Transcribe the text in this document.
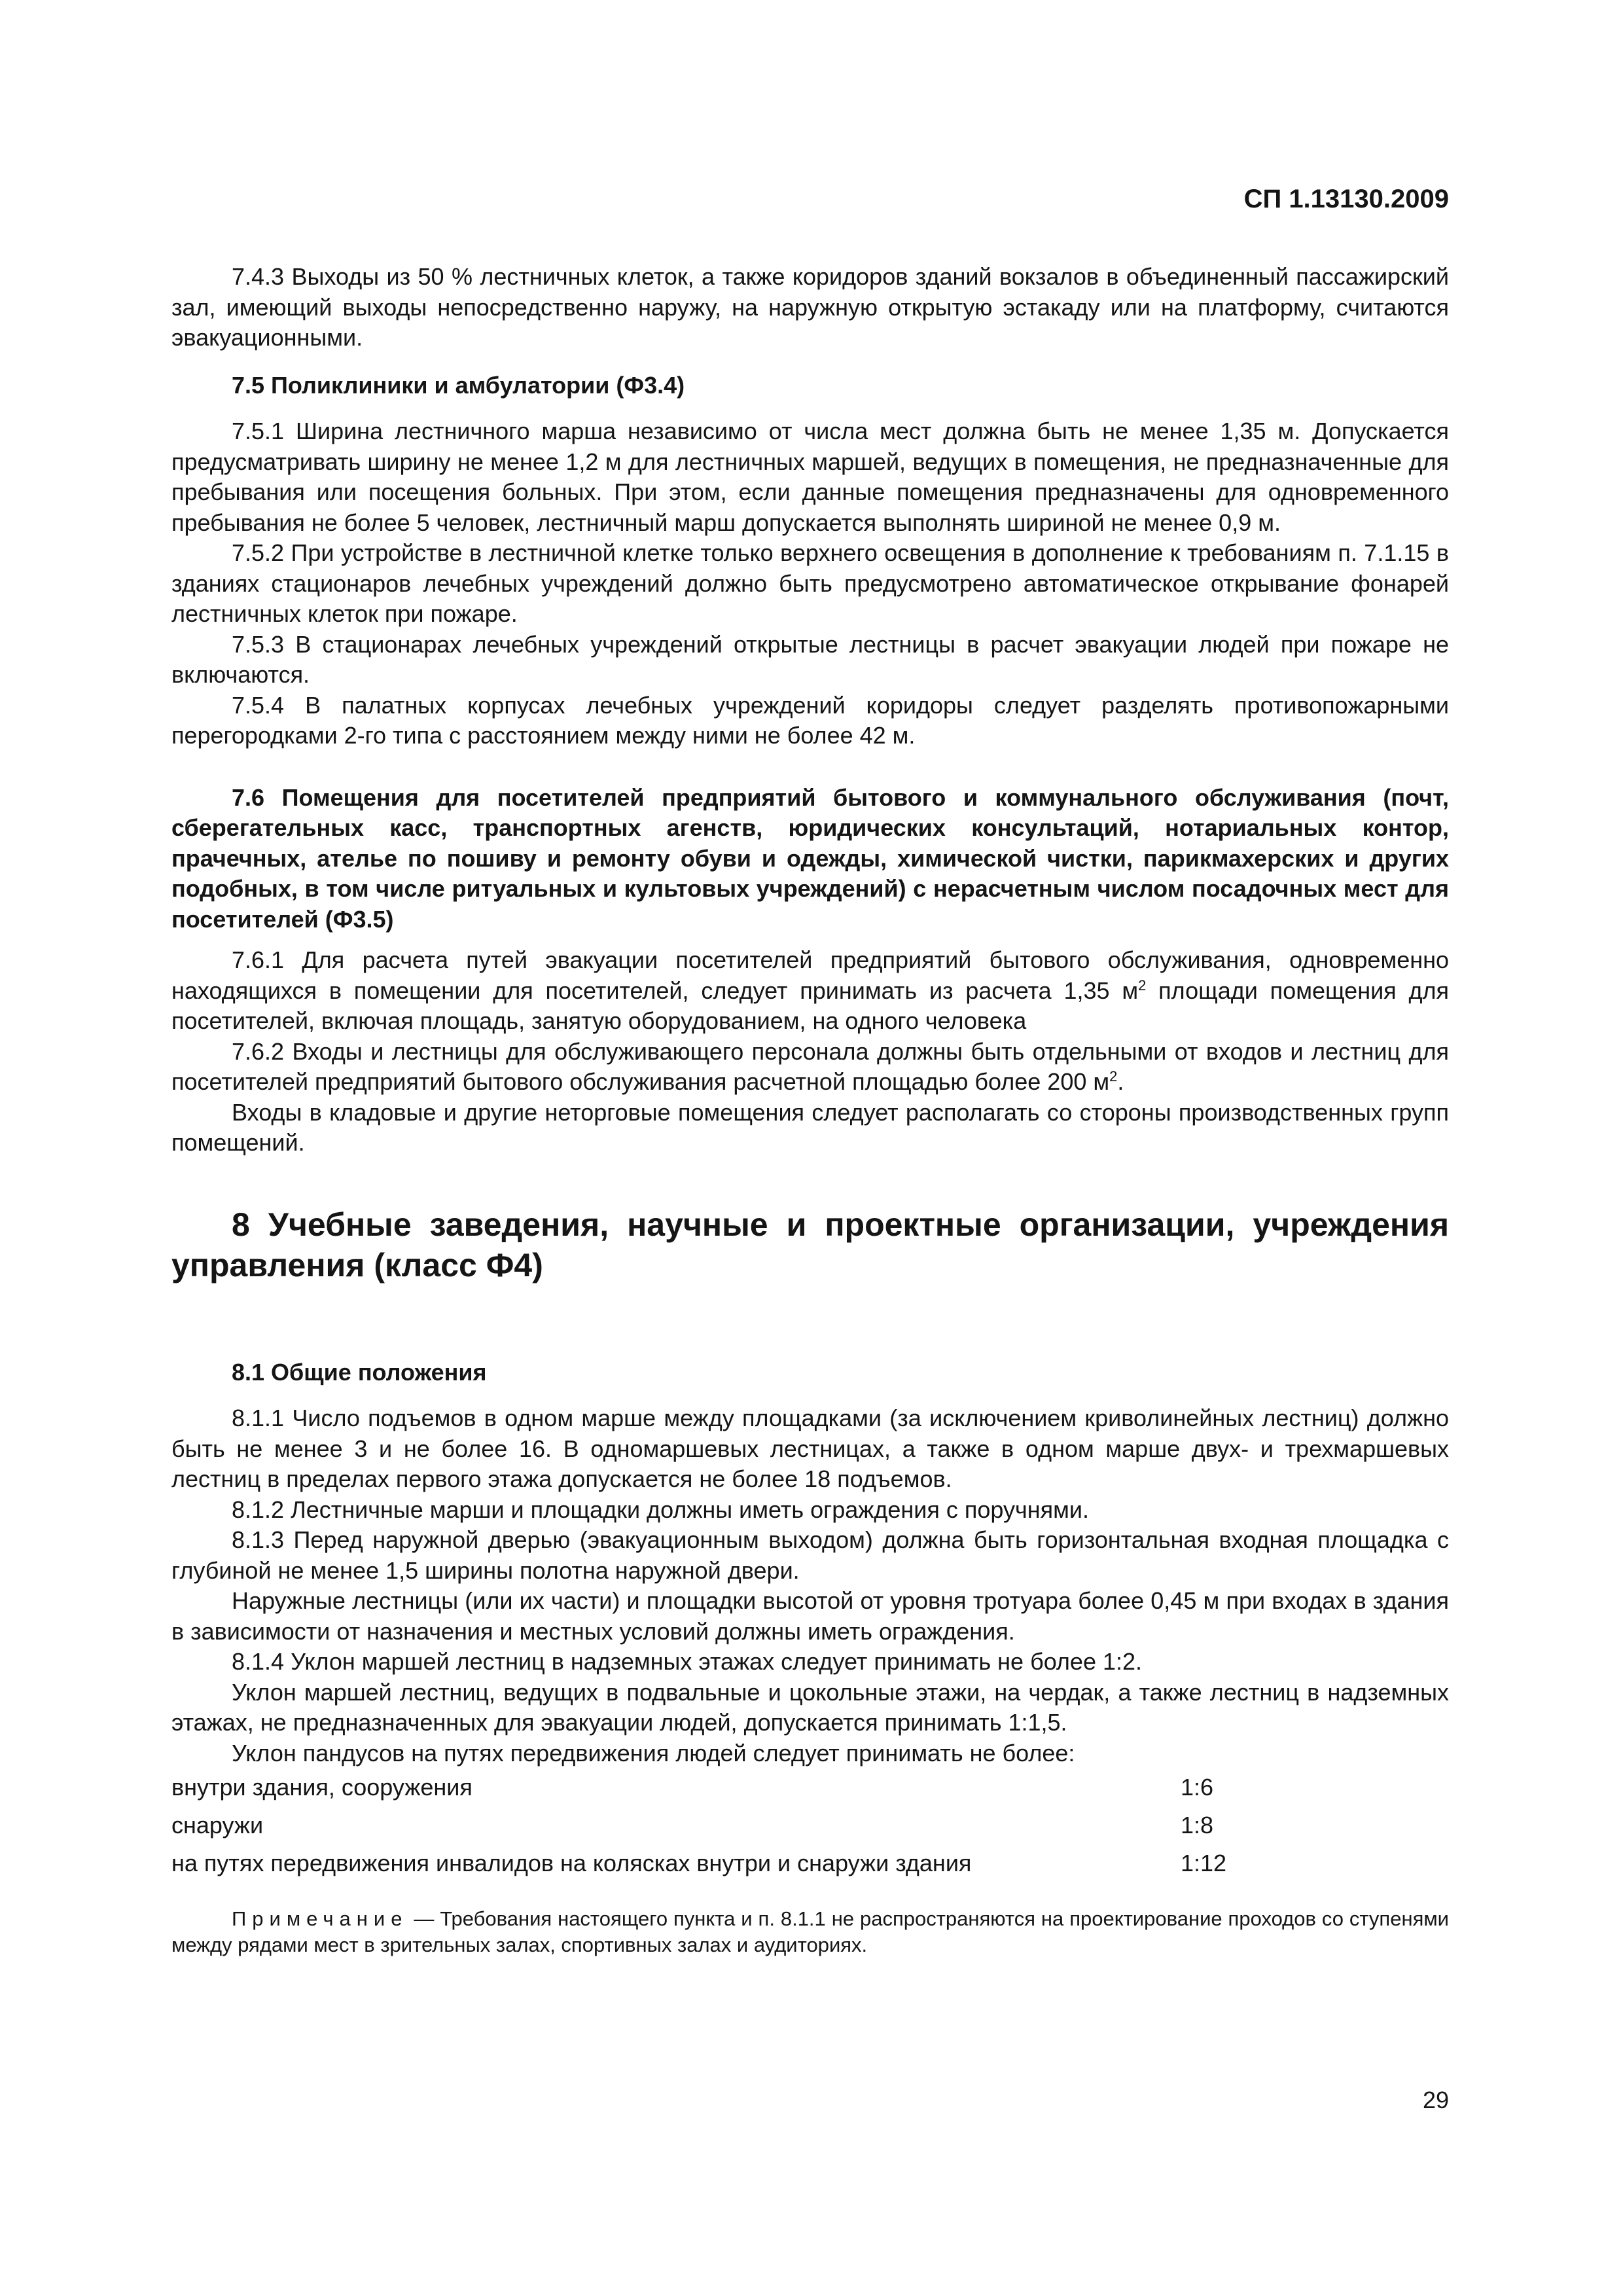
СП 1.13130.2009

7.4.3 Выходы из 50 % лестничных клеток, а также коридоров зданий вокзалов в объединенный пассажирский зал, имеющий выходы непосредственно наружу, на наружную открытую эстакаду или на платформу, считаются эвакуационными.

7.5 Поликлиники и амбулатории (Ф3.4)

7.5.1 Ширина лестничного марша независимо от числа мест должна быть не менее 1,35 м. Допускается предусматривать ширину не менее 1,2 м для лестничных маршей, ведущих в помещения, не предназначенные для пребывания или посещения больных. При этом, если данные помещения предназначены для одновременного пребывания не более 5 человек, лестничный марш допускается выполнять шириной не менее 0,9 м.

7.5.2 При устройстве в лестничной клетке только верхнего освещения в дополнение к требованиям п. 7.1.15 в зданиях стационаров лечебных учреждений должно быть предусмотрено автоматическое открывание фонарей лестничных клеток при пожаре.

7.5.3 В стационарах лечебных учреждений открытые лестницы в расчет эвакуации людей при пожаре не включаются.

7.5.4 В палатных корпусах лечебных учреждений коридоры следует разделять противопожарными перегородками 2-го типа с расстоянием между ними не более 42 м.

7.6 Помещения для посетителей предприятий бытового и коммунального обслуживания (почт, сберегательных касс, транспортных агенств, юридических консультаций, нотариальных контор, прачечных, ателье по пошиву и ремонту обуви и одежды, химической чистки, парикмахерских и других подобных, в том числе ритуальных и культовых учреждений) с нерасчетным числом посадочных мест для посетителей (Ф3.5)

7.6.1 Для расчета путей эвакуации посетителей предприятий бытового обслуживания, одновременно находящихся в помещении для посетителей, следует принимать из расчета 1,35 $м^2$ площади помещения для посетителей, включая площадь, занятую оборудованием, на одного человека

7.6.2 Входы и лестницы для обслуживающего персонала должны быть отдельными от входов и лестниц для посетителей предприятий бытового обслуживания расчетной площадью более 200 $м^2$.

Входы в кладовые и другие неторговые помещения следует располагать со стороны производственных групп помещений.

8 Учебные заведения, научные и проектные организации, учреждения управления (класс Ф4)
8.1 Общие положения

8.1.1 Число подъемов в одном марше между площадками (за исключением криволинейных лестниц) должно быть не менее 3 и не более 16. В одномаршевых лестницах, а также в одном марше двух- и трехмаршевых лестниц в пределах первого этажа допускается не более 18 подъемов.

8.1.2 Лестничные марши и площадки должны иметь ограждения с поручнями.

8.1.3 Перед наружной дверью (эвакуационным выходом) должна быть горизонтальная входная площадка с глубиной не менее 1,5 ширины полотна наружной двери.

Наружные лестницы (или их части) и площадки высотой от уровня тротуара более 0,45 м при входах в здания в зависимости от назначения и местных условий должны иметь ограждения.

8.1.4 Уклон маршей лестниц в надземных этажах следует принимать не более 1:2.

Уклон маршей лестниц, ведущих в подвальные и цокольные этажи, на чердак, а также лестниц в надземных этажах, не предназначенных для эвакуации людей, допускается принимать 1:1,5.

Уклон пандусов на путях передвижения людей следует принимать не более:

внутри здания, сооружения	1:6
снаружи	1:8
на путях передвижения инвалидов на колясках внутри и снаружи здания	1:12

Примечание — Требования настоящего пункта и п. 8.1.1 не распространяются на проектирование проходов со ступенями между рядами мест в зрительных залах, спортивных залах и аудиториях.

29
